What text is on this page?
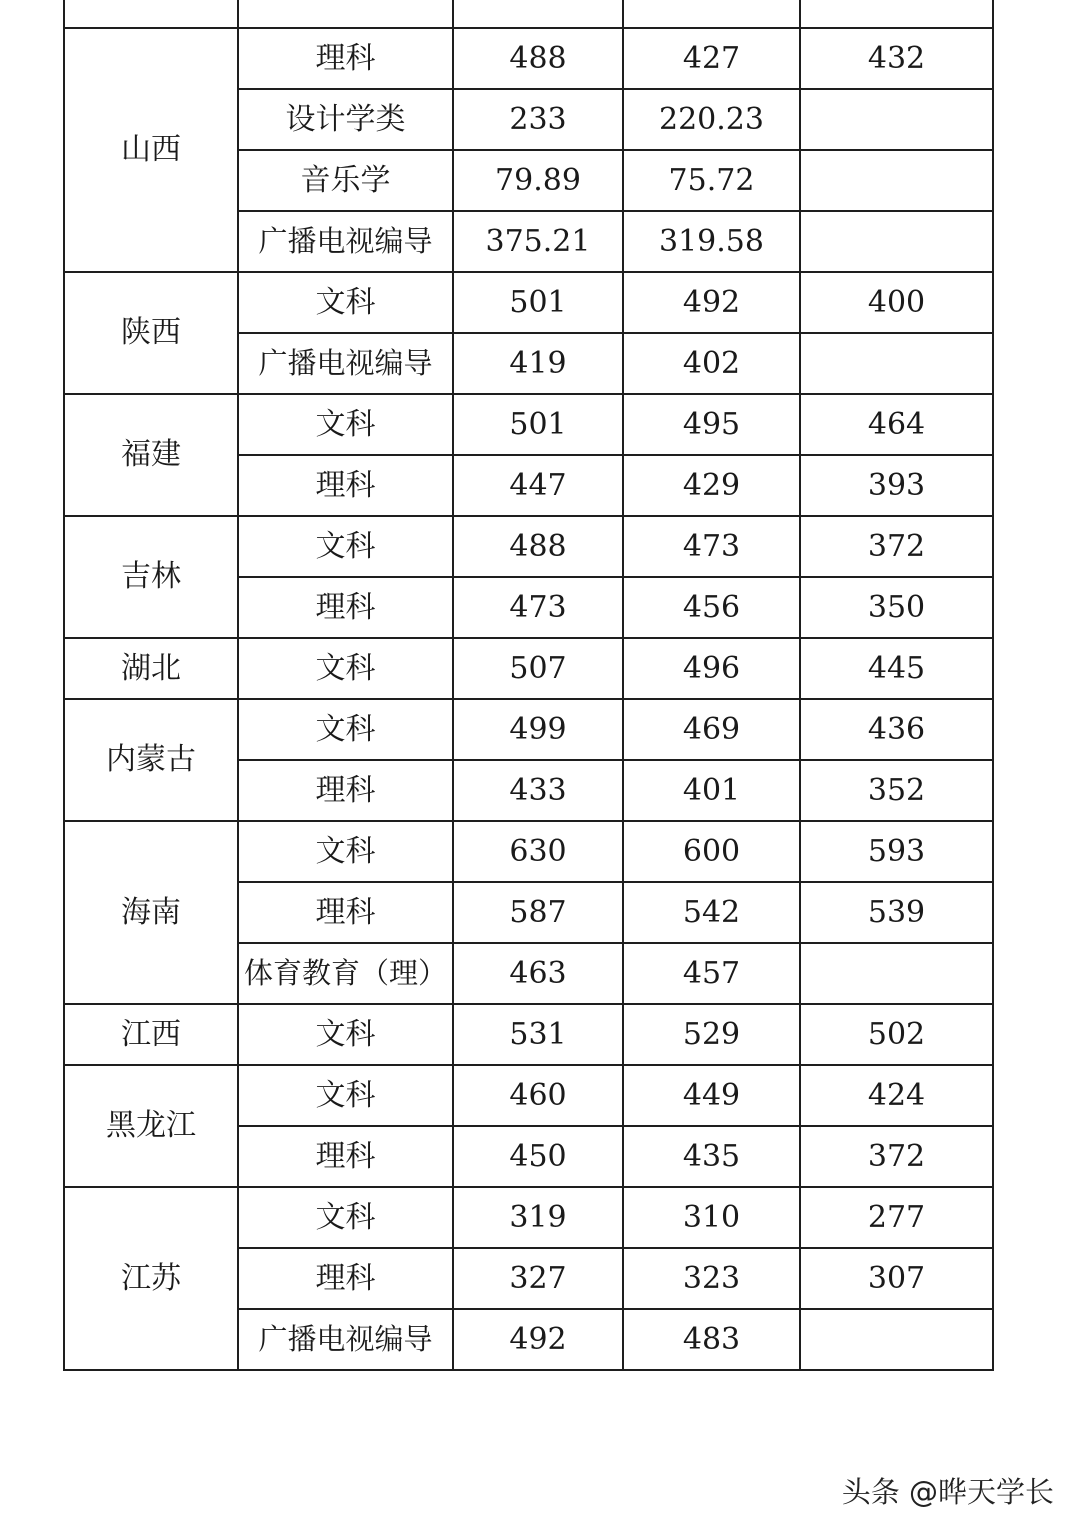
山西	理科	488	427	432
	设计学类	233	220.23	
	音乐学	79.89	75.72	
	广播电视编导	375.21	319.58	
陕西	文科	501	492	400
	广播电视编导	419	402	
福建	文科	501	495	464
	理科	447	429	393
吉林	文科	488	473	372
	理科	473	456	350
湖北	文科	507	496	445
内蒙古	文科	499	469	436
	理科	433	401	352
海南	文科	630	600	593
	理科	587	542	539
	体育教育（理）	463	457	
江西	文科	531	529	502
黑龙江	文科	460	449	424
	理科	450	435	372
江苏	文科	319	310	277
	理科	327	323	307
	广播电视编导	492	483	
头条 @晔天学长
